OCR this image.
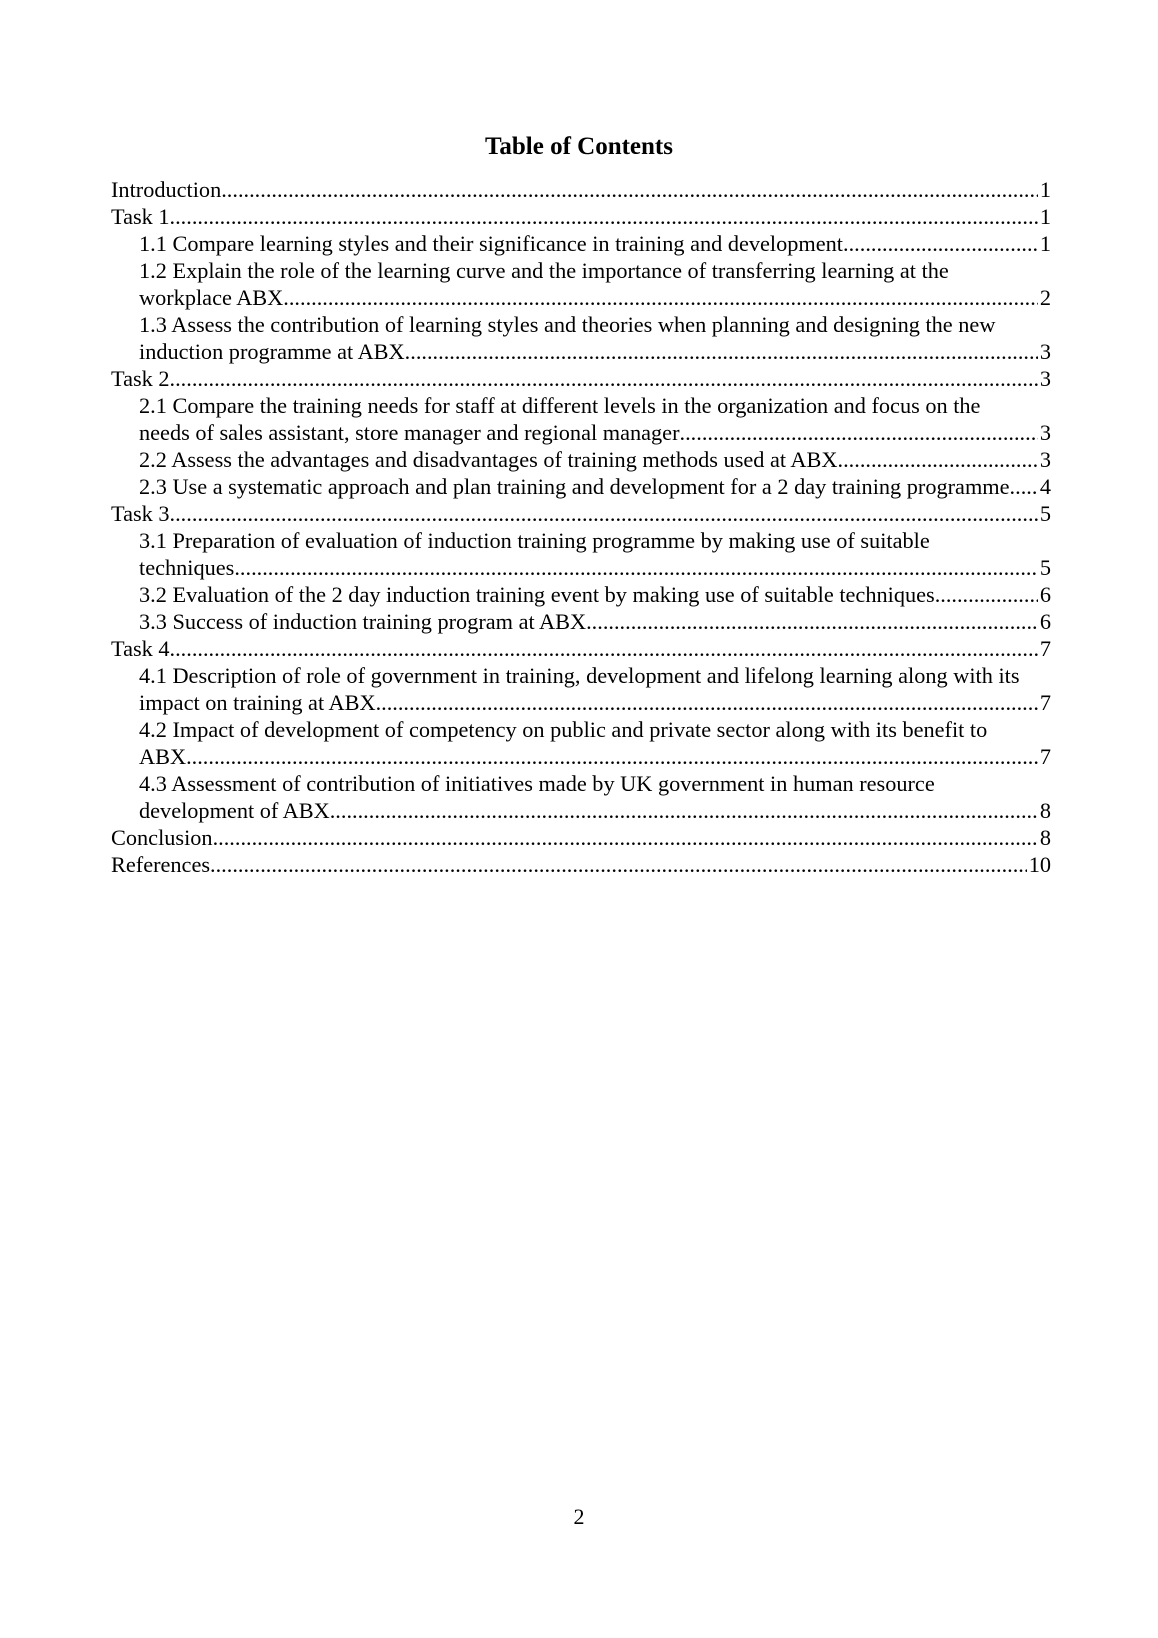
Table of Contents
Introduction .....	1
Task 1 .....	1
1.1 Compare learning styles and their significance in training and development .....	1
1.2 Explain the role of the learning curve and the importance of transferring learning at the workplace ABX .....	2
1.3 Assess the contribution of learning styles and theories when planning and designing the new induction programme at ABX .....	3
Task 2 .....	3
2.1 Compare the training needs for staff at different levels in the organization and focus on the needs of sales assistant, store manager and regional manager .....	3
2.2 Assess the advantages and disadvantages of training methods used at ABX .....	3
2.3 Use a systematic approach and plan training and development for a 2 day training programme ..... 4
Task 3 .....	5
3.1 Preparation of evaluation of induction training programme by making use of suitable techniques .....	5
3.2 Evaluation of the 2 day induction training event by making use of suitable techniques .....	6
3.3 Success of induction training program at ABX .....	6
Task 4 .....	7
4.1 Description of role of government in training, development and lifelong learning along with its impact on training at ABX .....	7
4.2 Impact of development of competency on public and private sector along with its benefit to ABX .....	7
4.3 Assessment of contribution of initiatives made by UK government in human resource development of ABX .....	8
Conclusion .....	8
References .....	10
2
